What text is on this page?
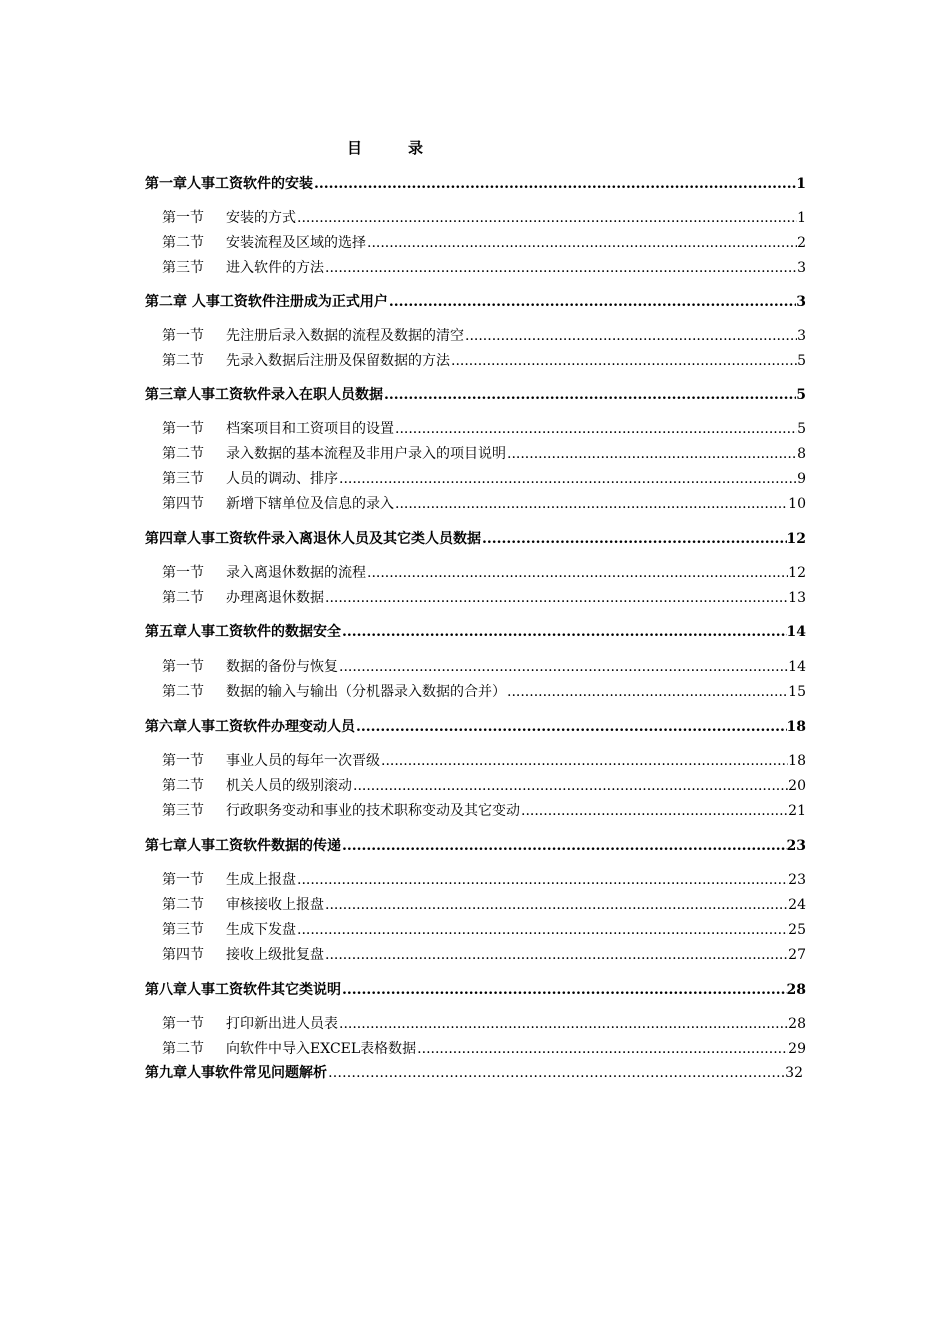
目	录
第一章人事工资软件的安装 .....	1
第一节	安装的方式 .....	1
第二节	安装流程及区域的选择 .....	2
第三节	进入软件的方法 .....	3
第二章 人事工资软件注册成为正式用户 .....	3
第一节	先注册后录入数据的流程及数据的清空 .....	3
第二节	先录入数据后注册及保留数据的方法 .....	5
第三章人事工资软件录入在职人员数据 .....	5
第一节	档案项目和工资项目的设置 .....	5
第二节	录入数据的基本流程及非用户录入的项目说明 .....	8
第三节	人员的调动、排序 .....	9
第四节	新增下辖单位及信息的录入 .....	10
第四章人事工资软件录入离退休人员及其它类人员数据 .....	12
第一节	录入离退休数据的流程 .....	12
第二节	办理离退休数据 .....	13
第五章人事工资软件的数据安全 .....	14
第一节	数据的备份与恢复 .....	14
第二节	数据的输入与输出（分机器录入数据的合并） .....	15
第六章人事工资软件办理变动人员 .....	18
第一节	事业人员的每年一次晋级 .....	18
第二节	机关人员的级别滚动 .....	20
第三节	行政职务变动和事业的技术职称变动及其它变动 .....	21
第七章人事工资软件数据的传递 .....	23
第一节	生成上报盘 .....	23
第二节	审核接收上报盘 .....	24
第三节	生成下发盘 .....	25
第四节	接收上级批复盘 .....	27
第八章人事工资软件其它类说明 .....	28
第一节	打印新出进人员表 .....	28
第二节	向软件中导入EXCEL表格数据 .....	29
第九章人事软件常见问题解析 …………………………………………………………………………………………………………………………………………………………………………………………………………	32
